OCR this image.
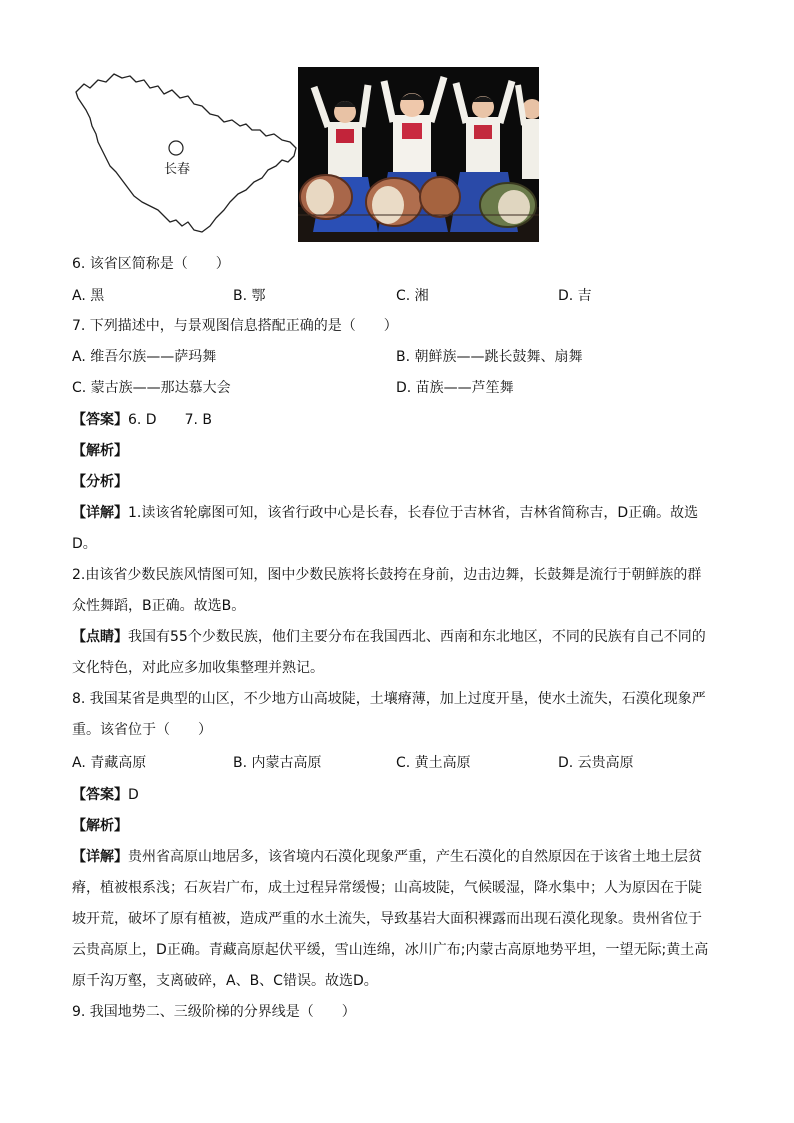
长春
6. 该省区简称是（　　）
A. 黑	B. 鄂	C. 湘	D. 吉
7. 下列描述中，与景观图信息搭配正确的是（　　）
A. 维吾尔族——萨玛舞	B. 朝鲜族——跳长鼓舞、扇舞
C. 蒙古族——那达慕大会	D. 苗族——芦笙舞
【答案】6. D　　7. B
【解析】
【分析】
【详解】1.读该省轮廓图可知，该省行政中心是长春，长春位于吉林省，吉林省简称吉，D正确。故选D。
2.由该省少数民族风情图可知，图中少数民族将长鼓挎在身前，边击边舞，长鼓舞是流行于朝鲜族的群众性舞蹈，B正确。故选B。
【点睛】我国有55个少数民族，他们主要分布在我国西北、西南和东北地区，不同的民族有自己不同的文化特色，对此应多加收集整理并熟记。
8. 我国某省是典型的山区，不少地方山高坡陡，土壤瘠薄，加上过度开垦，使水土流失，石漠化现象严重。该省位于（　　）
A. 青藏高原	B. 内蒙古高原	C. 黄土高原	D. 云贵高原
【答案】D
【解析】
【详解】贵州省高原山地居多，该省境内石漠化现象严重，产生石漠化的自然原因在于该省土地土层贫瘠，植被根系浅；石灰岩广布，成土过程异常缓慢；山高坡陡，气候暖湿，降水集中；人为原因在于陡坡开荒，破坏了原有植被，造成严重的水土流失，导致基岩大面积裸露而出现石漠化现象。贵州省位于云贵高原上，D正确。青藏高原起伏平缓，雪山连绵，冰川广布;内蒙古高原地势平坦，一望无际;黄土高原千沟万壑，支离破碎，A、B、C错误。故选D。
9. 我国地势二、三级阶梯的分界线是（　　）
